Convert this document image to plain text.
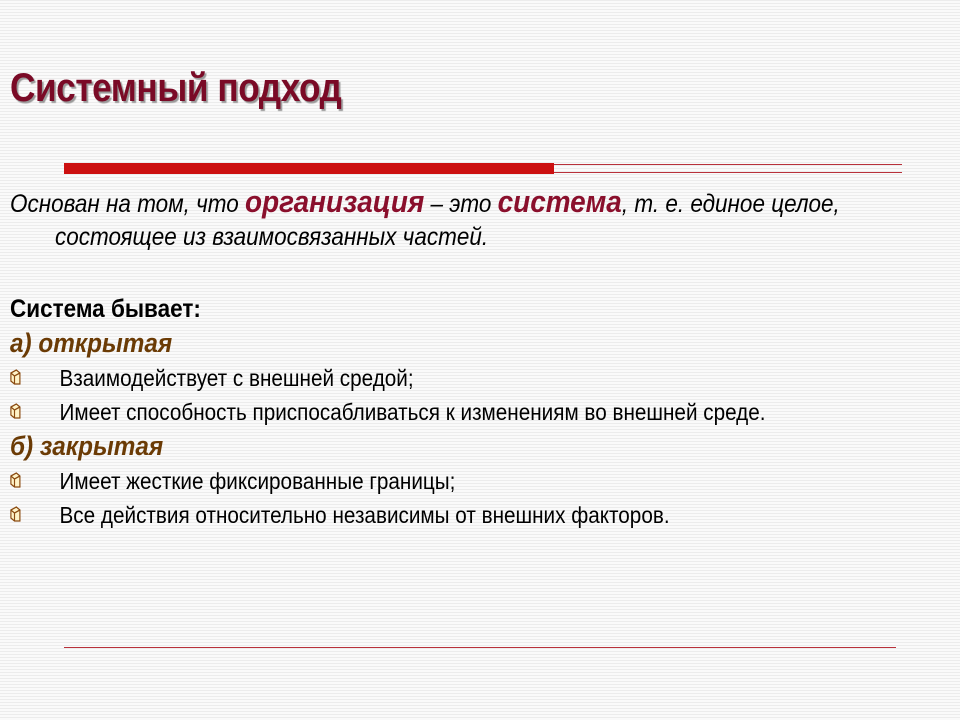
Системный подход
Основан на том, что организация – это система, т. е. единое целое, состоящее из взаимосвязанных частей.
Система бывает:
а) открытая
Взаимодействует с внешней средой;
Имеет способность приспосабливаться к изменениям во внешней среде.
б) закрытая
Имеет жесткие фиксированные границы;
Все действия относительно независимы от внешних факторов.
